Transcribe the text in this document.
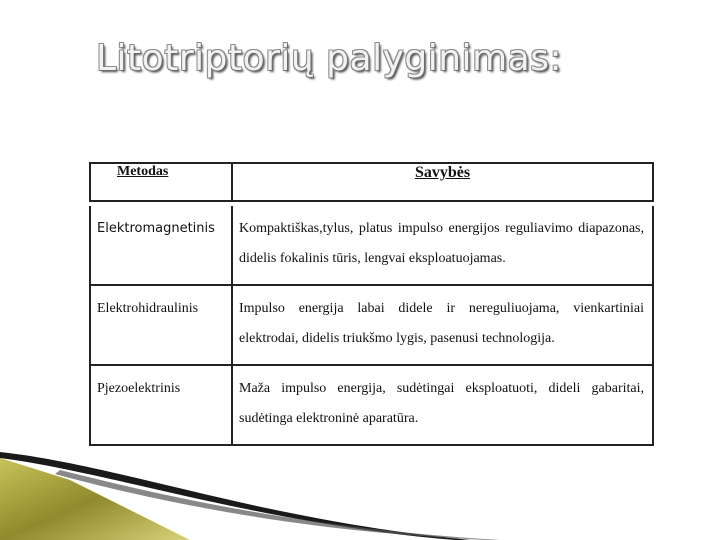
Litotriptorių palyginimas:
Metodas	Savybės

Elektromagnetinis	Kompaktiškas,tylus, platus impulso energijos reguliavimo diapazonas, didelis fokalinis tūris, lengvai eksploatuojamas.
Elektrohidraulinis	Impulso energija labai didele ir nereguliuojama, vienkartiniai elektrodai, didelis triukšmo lygis, pasenusi technologija.
Pjezoelektrinis	Maža impulso energija, sudėtingai eksploatuoti, dideli gabaritai, sudėtinga elektroninė aparatūra.
